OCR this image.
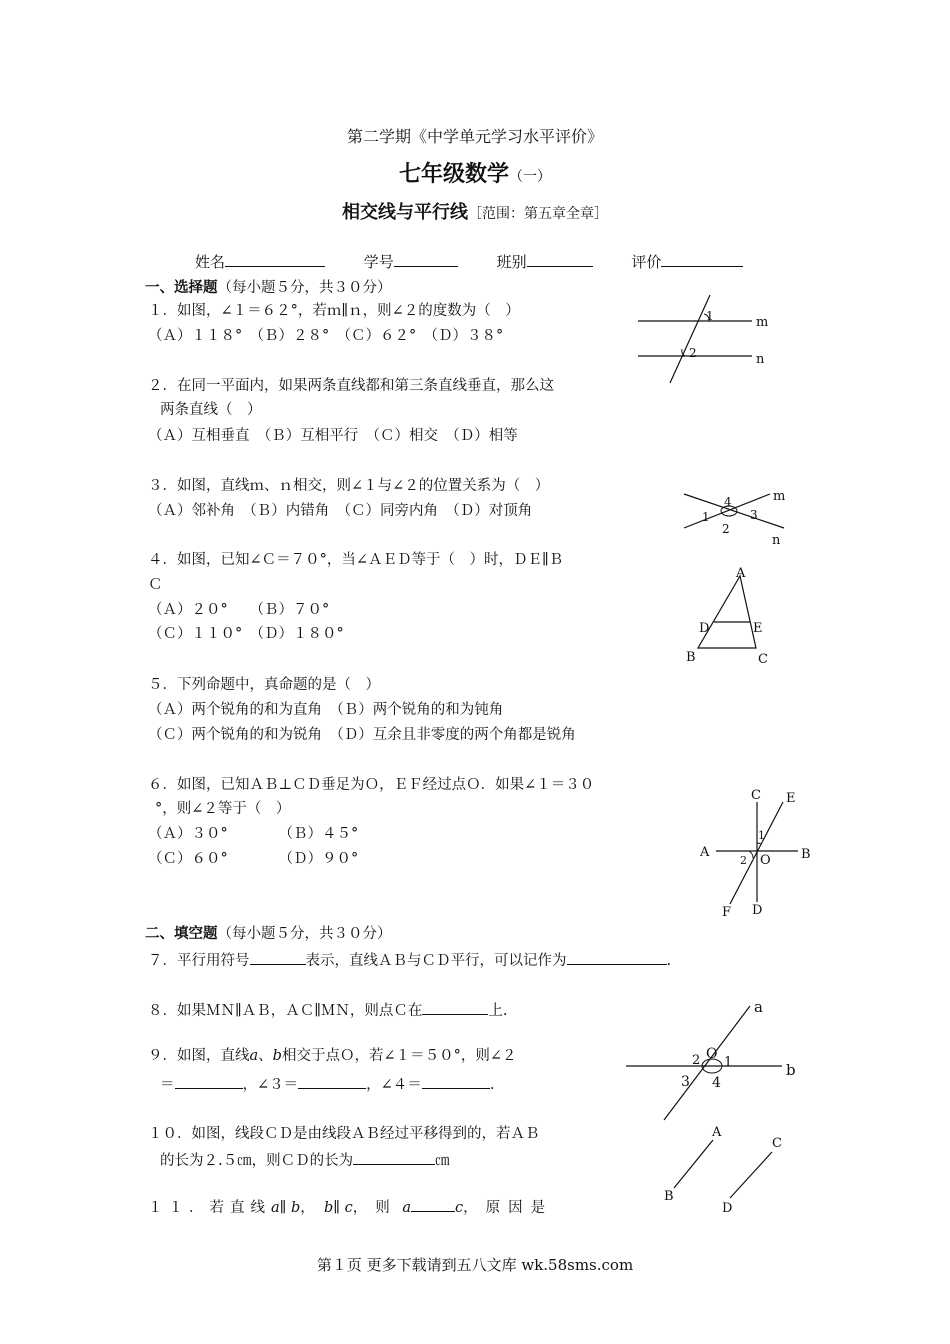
第二学期《中学单元学习水平评价》
七年级数学（一）
相交线与平行线［范围：第五章全章］
姓名	学号	班别	评价
一、选择题（每小题５分，共３０分）
１．如图，∠１＝６２°，若ｍ∥ｎ，则∠２的度数为（　）
（Ａ）１１８°　（Ｂ）２８°　（Ｃ）６２°　（Ｄ）３８°
２．在同一平面内，如果两条直线都和第三条直线垂直，那么这
两条直线（　）
（Ａ）互相垂直　（Ｂ）互相平行　（Ｃ）相交　（Ｄ）相等
３．如图，直线ｍ、ｎ相交，则∠１与∠２的位置关系为（　）
（Ａ）邻补角　（Ｂ）内错角　（Ｃ）同旁内角　（Ｄ）对顶角
４．如图，已知∠Ｃ＝７０°，当∠ＡＥＤ等于（　）时，ＤＥ∥Ｂ
Ｃ
（Ａ）２０°　　（Ｂ）７０°
（Ｃ）１１０°　（Ｄ）１８０°
５．下列命题中，真命题的是（　）
（Ａ）两个锐角的和为直角　（Ｂ）两个锐角的和为钝角
（Ｃ）两个锐角的和为锐角　（Ｄ）互余且非零度的两个角都是锐角
６．如图，已知ＡＢ⊥ＣＤ垂足为Ｏ，ＥＦ经过点Ｏ．如果∠１＝３０
°，则∠２等于（　）
（Ａ）３０°　　　　（Ｂ）４５°
（Ｃ）６０°　　　　（Ｄ）９０°
二、填空题（每小题５分，共３０分）
７．平行用符号	表示，直线ＡＢ与ＣＤ平行，可以记作为	.
８．如果ＭＮ∥ＡＢ，ＡＣ∥ＭＮ，则点Ｃ在	上.
９．如图，直线a、b相交于点Ｏ，若∠１＝５０°，则∠２
＝	，∠３＝	，∠４＝	.
１０．如图，线段ＣＤ是由线段ＡＢ经过平移得到的，若ＡＢ
的长为２.５㎝，则ＣＤ的长为	㎝
１１．若直线a∥ b， b∥ c，则 a	c，原因是
第１页 更多下载请到五八文库 wk.58sms.com
1
2
m
n
4
1
2
3
m
n
A
D	E
B	C
C E
1
A	B
2 O
F D
a
O
2 1	b
3 4
A
C
B
D
